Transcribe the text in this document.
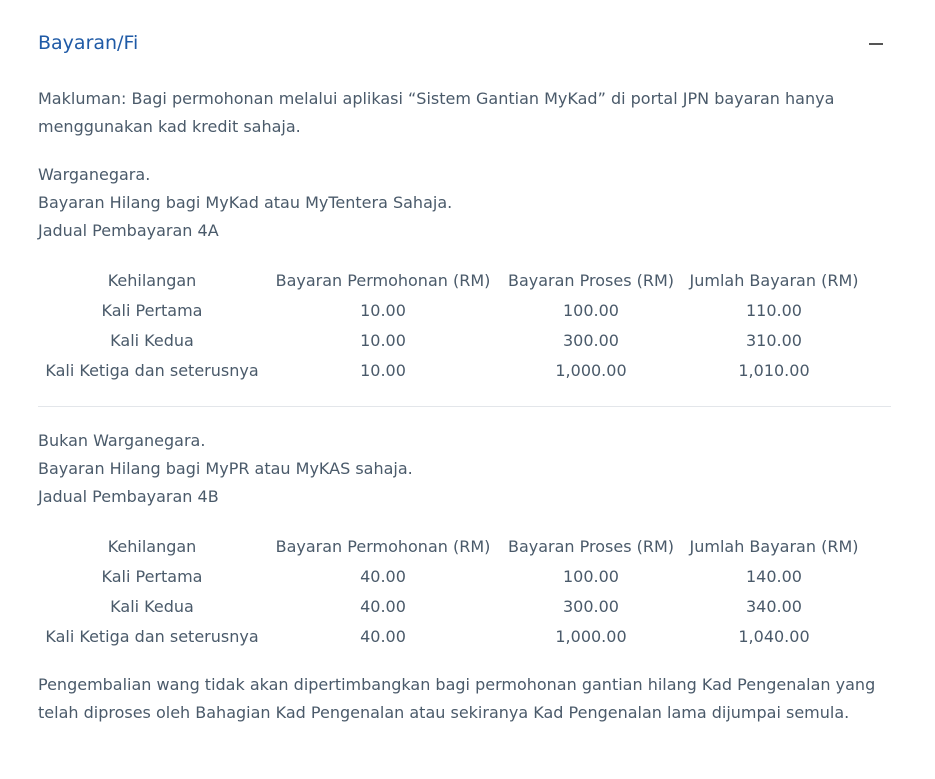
Bayaran/Fi

Makluman: Bagi permohonan melalui aplikasi “Sistem Gantian MyKad” di portal JPN bayaran hanya menggunakan kad kredit sahaja.

Warganegara.
Bayaran Hilang bagi MyKad atau MyTentera Sahaja.
Jadual Pembayaran 4A
Kehilangan	Bayaran Permohonan (RM)	Bayaran Proses (RM)	Jumlah Bayaran (RM)
Kali Pertama	10.00	100.00	110.00
Kali Kedua	10.00	300.00	310.00
Kali Ketiga dan seterusnya	10.00	1,000.00	1,010.00
Bukan Warganegara.
Bayaran Hilang bagi MyPR atau MyKAS sahaja.
Jadual Pembayaran 4B
Kehilangan	Bayaran Permohonan (RM)	Bayaran Proses (RM)	Jumlah Bayaran (RM)
Kali Pertama	40.00	100.00	140.00
Kali Kedua	40.00	300.00	340.00
Kali Ketiga dan seterusnya	40.00	1,000.00	1,040.00

Pengembalian wang tidak akan dipertimbangkan bagi permohonan gantian hilang Kad Pengenalan yang telah diproses oleh Bahagian Kad Pengenalan atau sekiranya Kad Pengenalan lama dijumpai semula.
